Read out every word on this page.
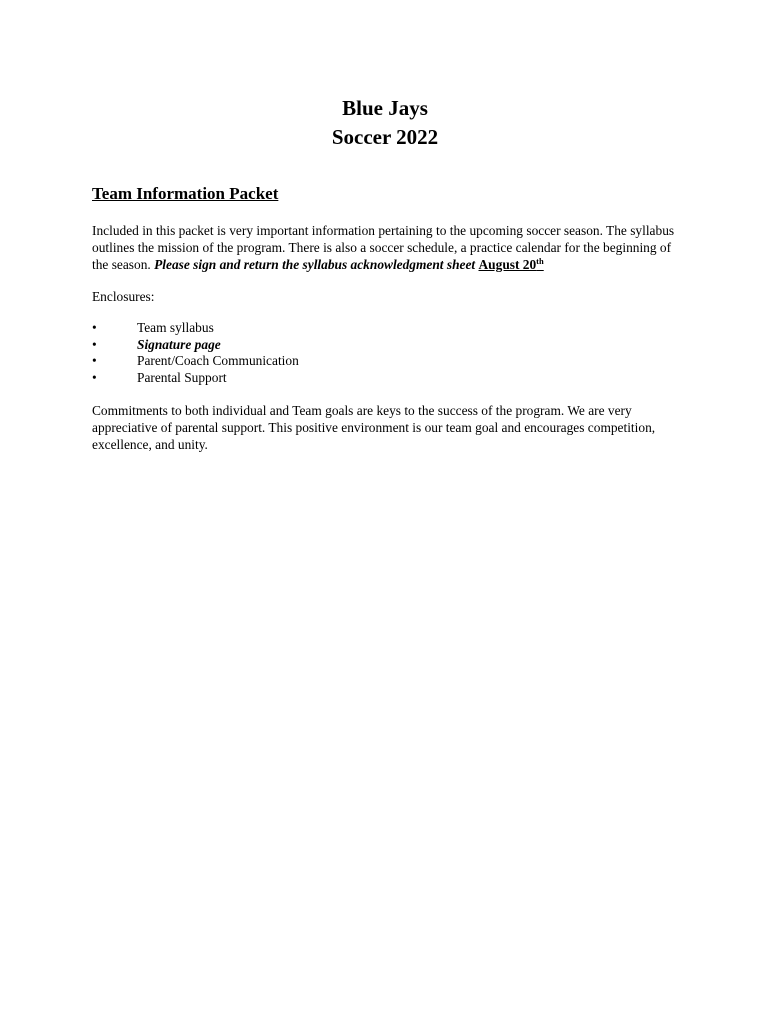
Blue Jays
Soccer 2022
Team Information Packet
Included in this packet is very important information pertaining to the upcoming soccer season. The syllabus outlines the mission of the program. There is also a soccer schedule, a practice calendar for the beginning of the season. Please sign and return the syllabus acknowledgment sheet August 20th
Enclosures:
•	Team syllabus
•	Signature page
•	Parent/Coach Communication
•	Parental Support
Commitments to both individual and Team goals are keys to the success of the program. We are very appreciative of parental support. This positive environment is our team goal and encourages competition, excellence, and unity.
